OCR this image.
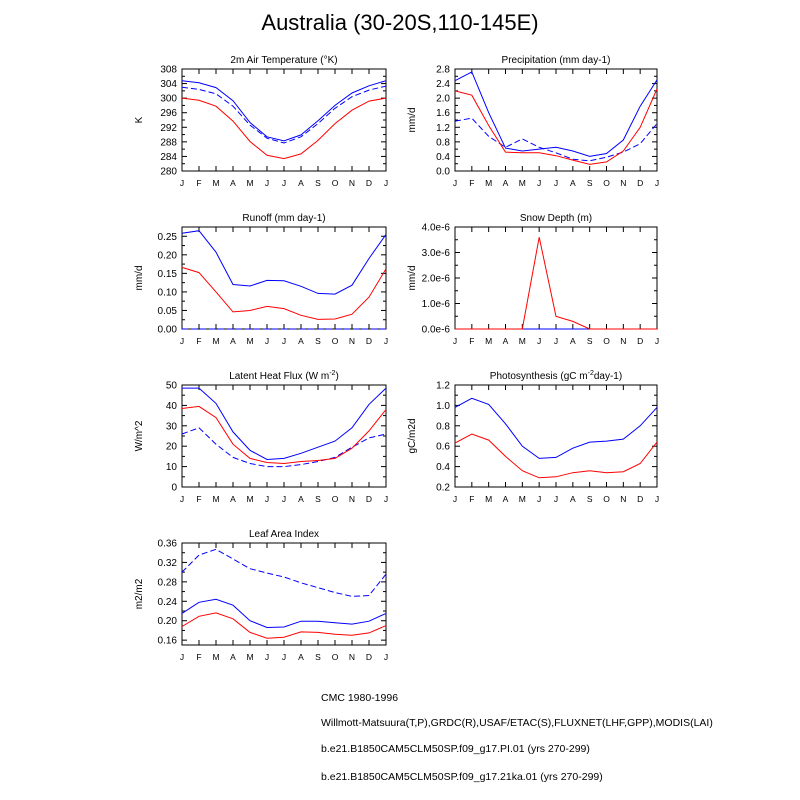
Australia (30-20S,110-145E)
2m Air Temperature (°K)
K
280
284
288
292
296
300
304
308
J F M A M J J A S O N D J
Precipitation (mm day-1)
mm/d
0.0
0.4
0.8
1.2
1.6
2.0
2.4
2.8
J F M A M J J A S O N D J
Runoff (mm day-1)
mm/d
0.00
0.05
0.10
0.15
0.20
0.25
J F M A M J J A S O N D J
Snow Depth (m)
mm/d
0.0e-6
1.0e-6
2.0e-6
3.0e-6
4.0e-6
J F M A M J J A S O N D J
Latent Heat Flux (W $m^{-2}$)
W/m^2
0
10
20
30
40
50
J F M A M J J A S O N D J
Photosynthesis (gC $m^{-2}day-1$)
gC/m2d
0.2
0.4
0.6
0.8
1.0
1.2
J F M A M J J A S O N D J
Leaf Area Index
m2/m2
0.16
0.20
0.24
0.28
0.32
0.36
J F M A M J J A S O N D J
CMC 1980-1996
Willmott-Matsuura(T,P),GRDC(R),USAF/ETAC(S),FLUXNET(LHF,GPP),MODIS(LAI)
b.e21.B1850CAM5CLM50SP.f09_g17.PI.01 (yrs 270-299)
b.e21.B1850CAM5CLM50SP.f09_g17.21ka.01 (yrs 270-299)
